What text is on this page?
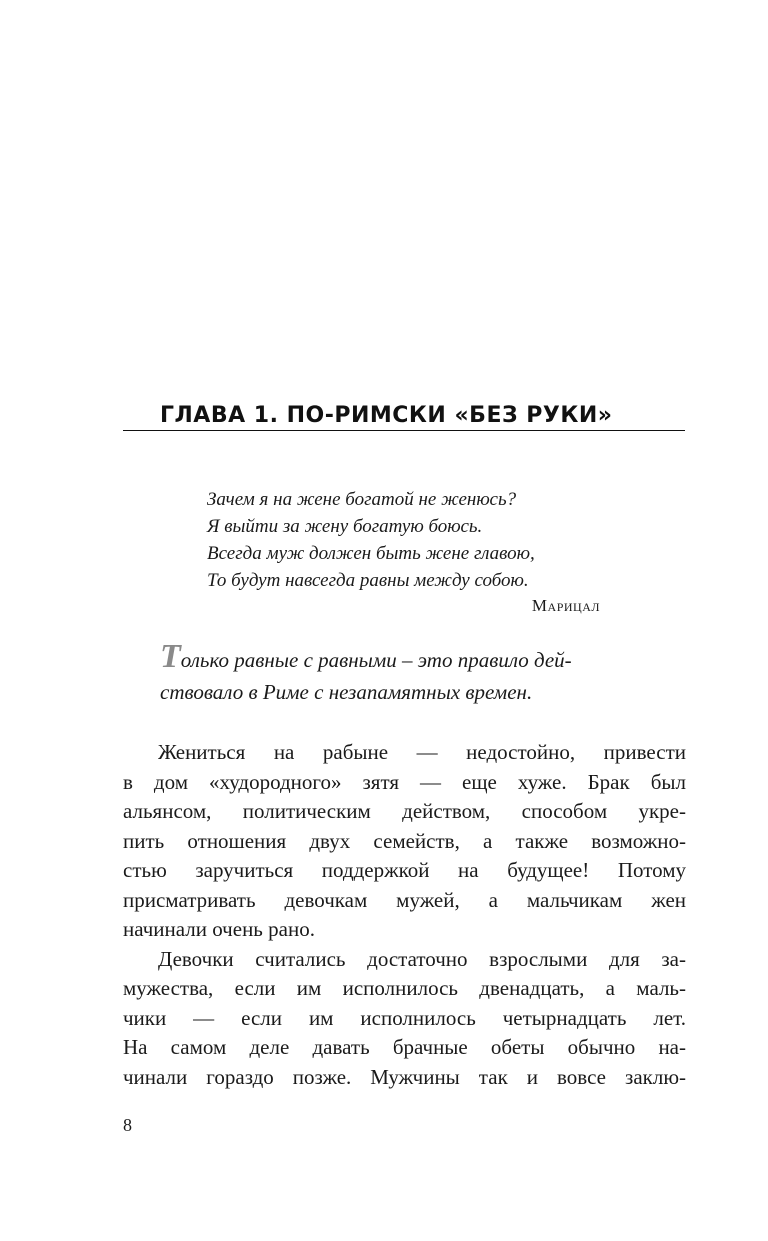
ГЛАВА 1. ПО-РИМСКИ «БЕЗ РУКИ»
Зачем я на жене богатой не женюсь?
Я выйти за жену богатую боюсь.
Всегда муж должен быть жене главою,
То будут навсегда равны между собою.
Марицал
Только равные с равными – это правило дей-
ствовало в Риме с незапамятных времен.
Жениться на рабыне — недостойно, привести
в дом «худородного» зятя — еще хуже. Брак был
альянсом, политическим действом, способом укре-
пить отношения двух семейств, а также возможно-
стью заручиться поддержкой на будущее! Потому
присматривать девочкам мужей, а мальчикам жен
начинали очень рано.
Девочки считались достаточно взрослыми для за-
мужества, если им исполнилось двенадцать, а маль-
чики — если им исполнилось четырнадцать лет.
На самом деле давать брачные обеты обычно на-
чинали гораздо позже. Мужчины так и вовсе заклю-
8
